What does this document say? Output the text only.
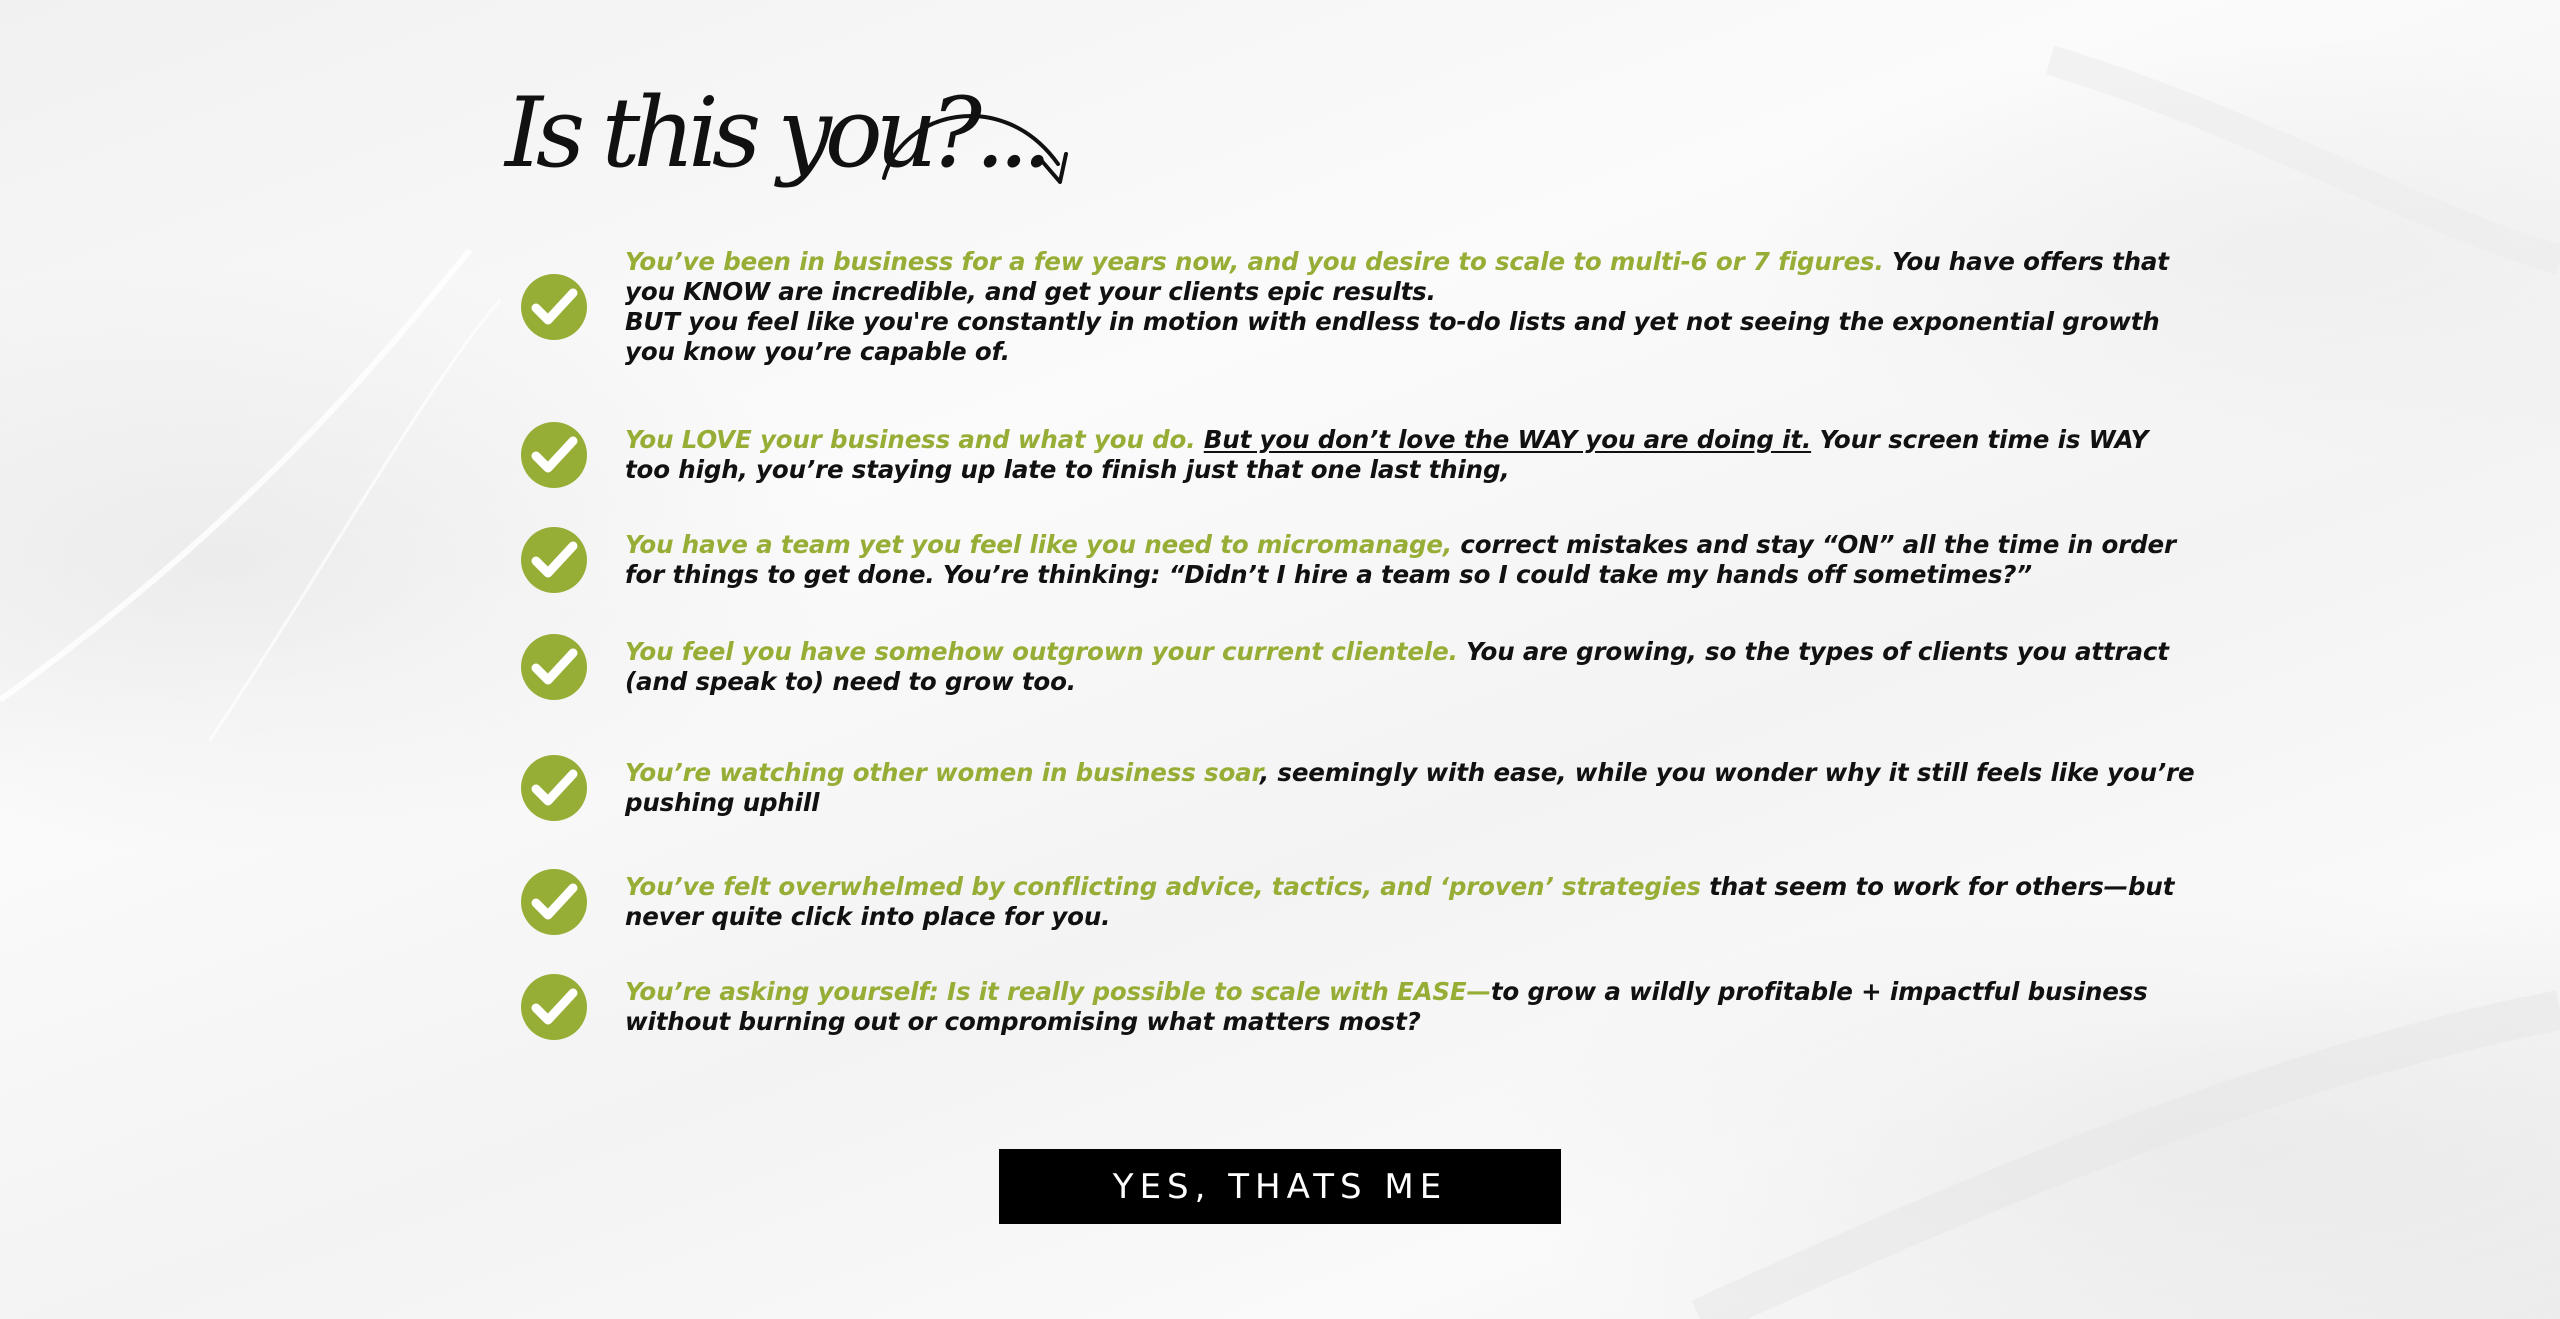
Is this you?...
You’ve been in business for a few years now, and you desire to scale to multi-6 or 7 figures. You have offers that you KNOW are incredible, and get your clients epic results.
BUT you feel like you're constantly in motion with endless to-do lists and yet not seeing the exponential growth you know you’re capable of.
You LOVE your business and what you do. But you don’t love the WAY you are doing it. Your screen time is WAY too high, you’re staying up late to finish just that one last thing,
You have a team yet you feel like you need to micromanage, correct mistakes and stay “ON” all the time in order for things to get done. You’re thinking: “Didn’t I hire a team so I could take my hands off sometimes?”
You feel you have somehow outgrown your current clientele. You are growing, so the types of clients you attract (and speak to) need to grow too.
You’re watching other women in business soar, seemingly with ease, while you wonder why it still feels like you’re pushing uphill
You’ve felt overwhelmed by conflicting advice, tactics, and ‘proven’ strategies that seem to work for others—but never quite click into place for you.
You’re asking yourself: Is it really possible to scale with EASE—to grow a wildly profitable + impactful business without burning out or compromising what matters most?
YES, THATS ME
